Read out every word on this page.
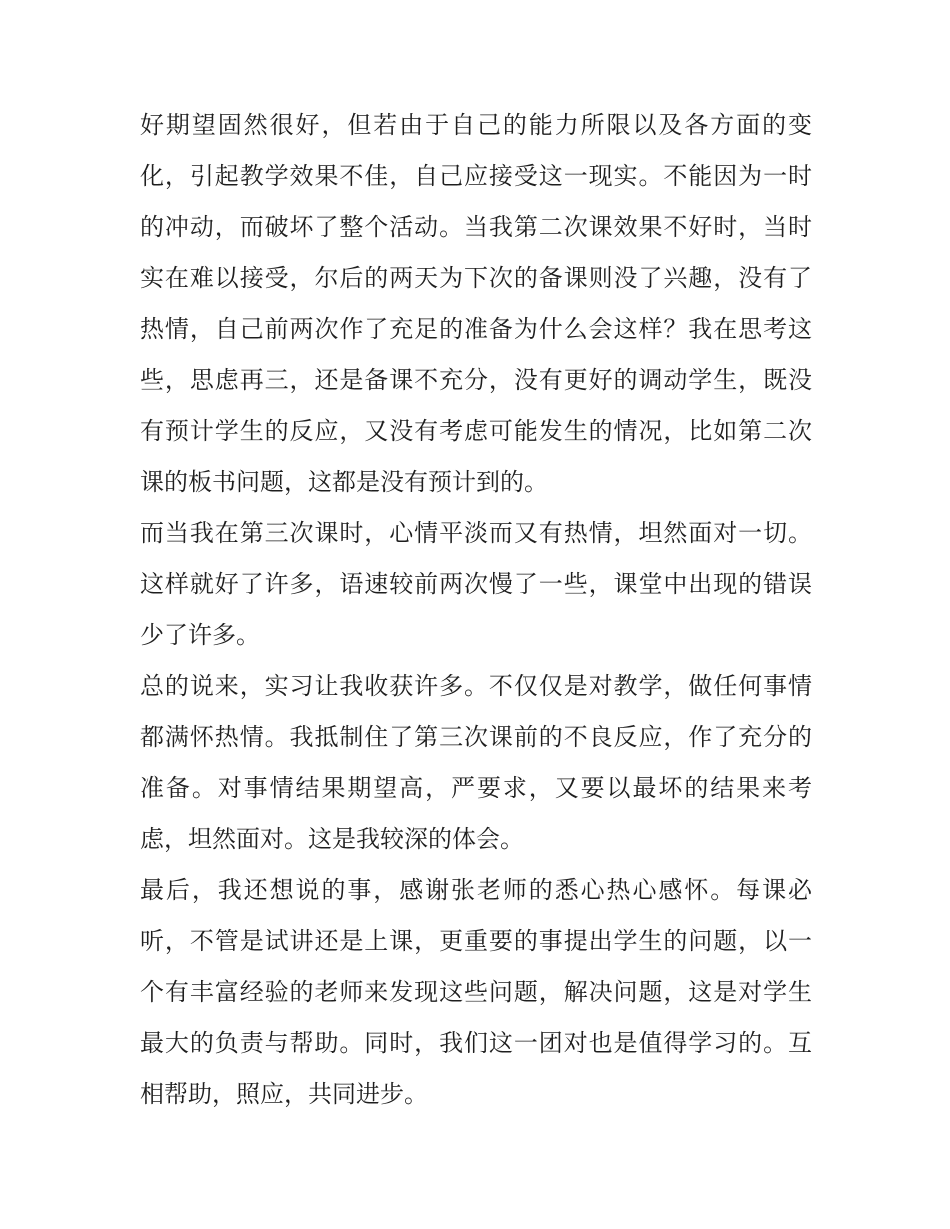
好期望固然很好，但若由于自己的能力所限以及各方面的变
化，引起教学效果不佳，自己应接受这一现实。不能因为一时
的冲动，而破坏了整个活动。当我第二次课效果不好时，当时
实在难以接受，尔后的两天为下次的备课则没了兴趣，没有了
热情，自己前两次作了充足的准备为什么会这样？我在思考这
些，思虑再三，还是备课不充分，没有更好的调动学生，既没
有预计学生的反应，又没有考虑可能发生的情况，比如第二次
课的板书问题，这都是没有预计到的。
而当我在第三次课时，心情平淡而又有热情，坦然面对一切。
这样就好了许多，语速较前两次慢了一些，课堂中出现的错误
少了许多。
总的说来，实习让我收获许多。不仅仅是对教学，做任何事情
都满怀热情。我抵制住了第三次课前的不良反应，作了充分的
准备。对事情结果期望高，严要求，又要以最坏的结果来考
虑，坦然面对。这是我较深的体会。
最后，我还想说的事，感谢张老师的悉心热心感怀。每课必
听，不管是试讲还是上课，更重要的事提出学生的问题，以一
个有丰富经验的老师来发现这些问题，解决问题，这是对学生
最大的负责与帮助。同时，我们这一团对也是值得学习的。互
相帮助，照应，共同进步。
